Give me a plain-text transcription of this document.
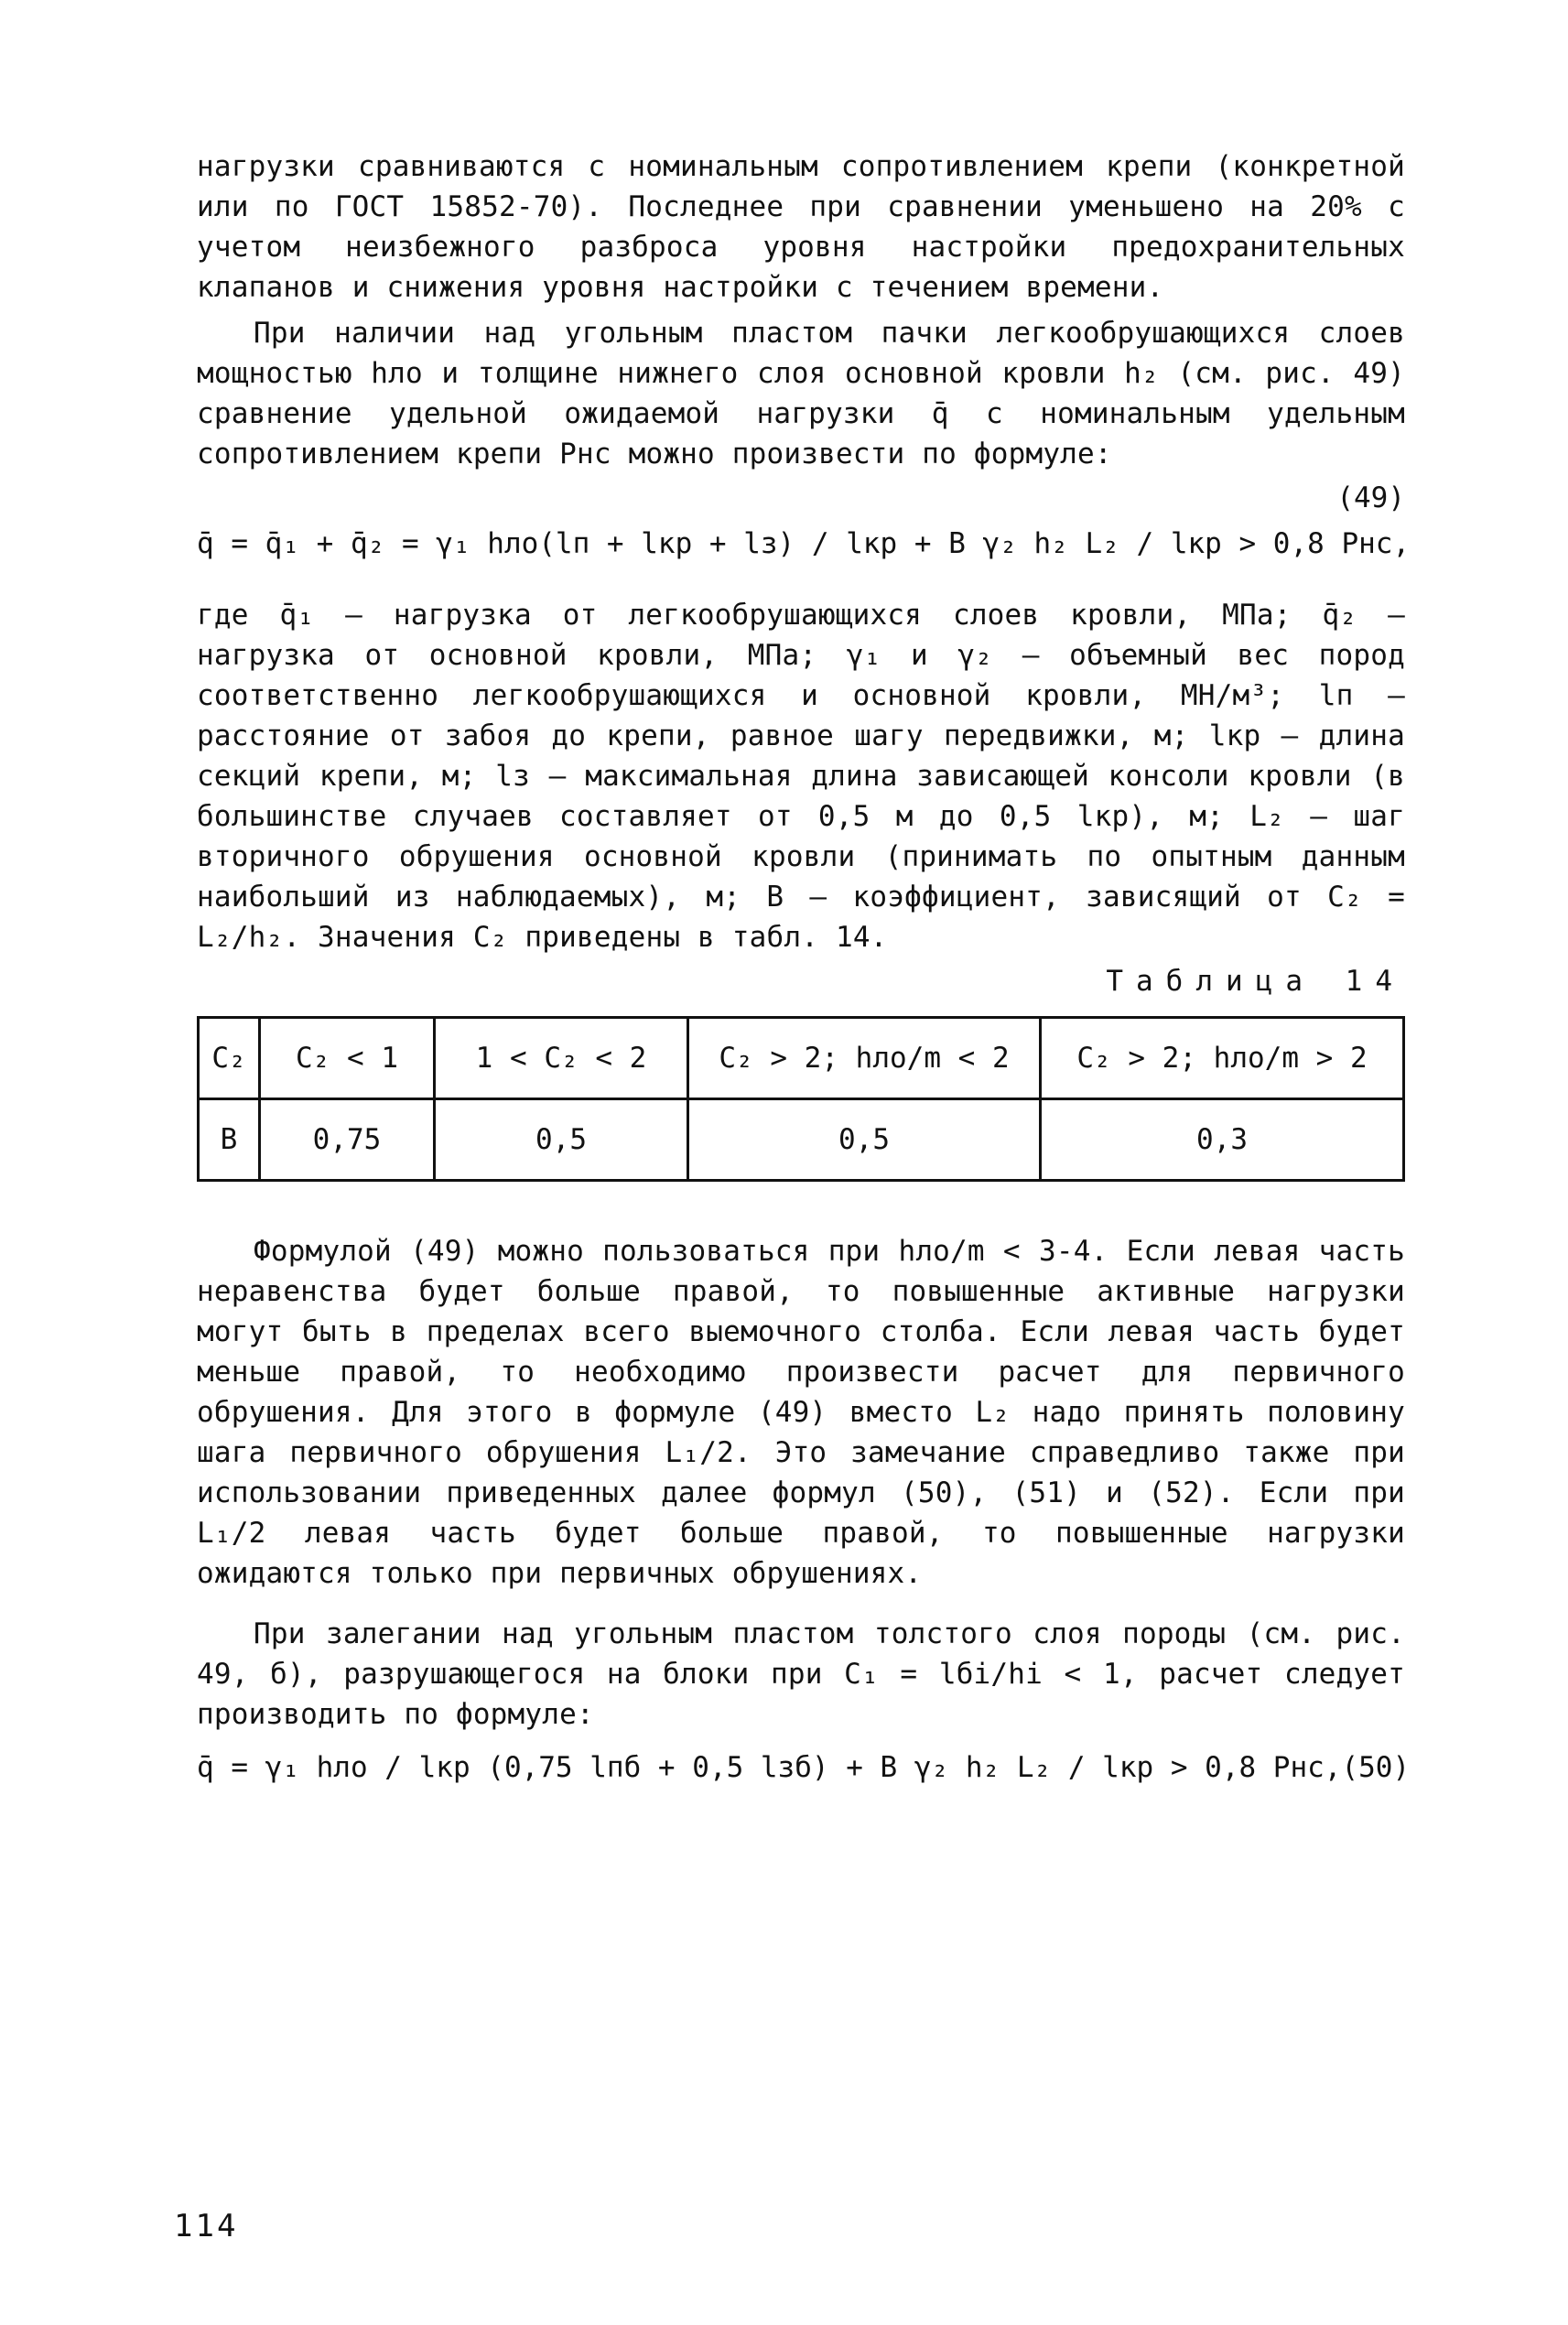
нагрузки сравниваются с номинальным сопротивлением крепи (конкретной или по ГОСТ 15852-70). Последнее при сравнении уменьшено на 20% с учетом неизбежного разброса уровня настройки предохранительных клапанов и снижения уровня настройки с течением времени.

При наличии над угольным пластом пачки легкообрушающихся слоев мощностью hло и толщине нижнего слоя основной кровли h₂ (см. рис. 49) сравнение удельной ожидаемой нагрузки q̄ с номинальным удельным сопротивлением крепи Pнс можно произвести по формуле:

(49)
q̄ = q̄₁ + q̄₂ = γ₁ hло(lп + lкр + lз) / lкр + В γ₂ h₂ L₂ / lкр > 0,8 Pнс,

где q̄₁ – нагрузка от легкообрушающихся слоев кровли, МПа; q̄₂ – нагрузка от основной кровли, МПа; γ₁ и γ₂ – объемный вес пород соответственно легкообрушающихся и основной кровли, МН/м³; lп – расстояние от забоя до крепи, равное шагу передвижки, м; lкр – длина секций крепи, м; lз – максимальная длина зависающей консоли кровли (в большинстве случаев составляет от 0,5 м до 0,5 lкр), м; L₂ – шаг вторичного обрушения основной кровли (принимать по опытным данным наибольший из наблюдаемых), м; В – коэффициент, зависящий от C₂ = L₂/h₂. Значения C₂ приведены в табл. 14.

Таблица 14
C₂	C₂ < 1	1 < C₂ < 2	C₂ > 2; hло/m < 2	C₂ > 2; hло/m > 2
В	0,75	0,5	0,5	0,3

Формулой (49) можно пользоваться при hло/m < 3-4. Если левая часть неравенства будет больше правой, то повышенные активные нагрузки могут быть в пределах всего выемочного столба. Если левая часть будет меньше правой, то необходимо произвести расчет для первичного обрушения. Для этого в формуле (49) вместо L₂ надо принять половину шага первичного обрушения L₁/2. Это замечание справедливо также при использовании приведенных далее формул (50), (51) и (52). Если при L₁/2 левая часть будет больше правой, то повышенные нагрузки ожидаются только при первичных обрушениях.

При залегании над угольным пластом толстого слоя породы (см. рис. 49, б), разрушающегося на блоки при C₁ = lбi/hi < 1, расчет следует производить по формуле:

q̄ = γ₁ hло / lкр (0,75 lпб + 0,5 lзб) + В γ₂ h₂ L₂ / lкр > 0,8 Pнс, (50)
114
